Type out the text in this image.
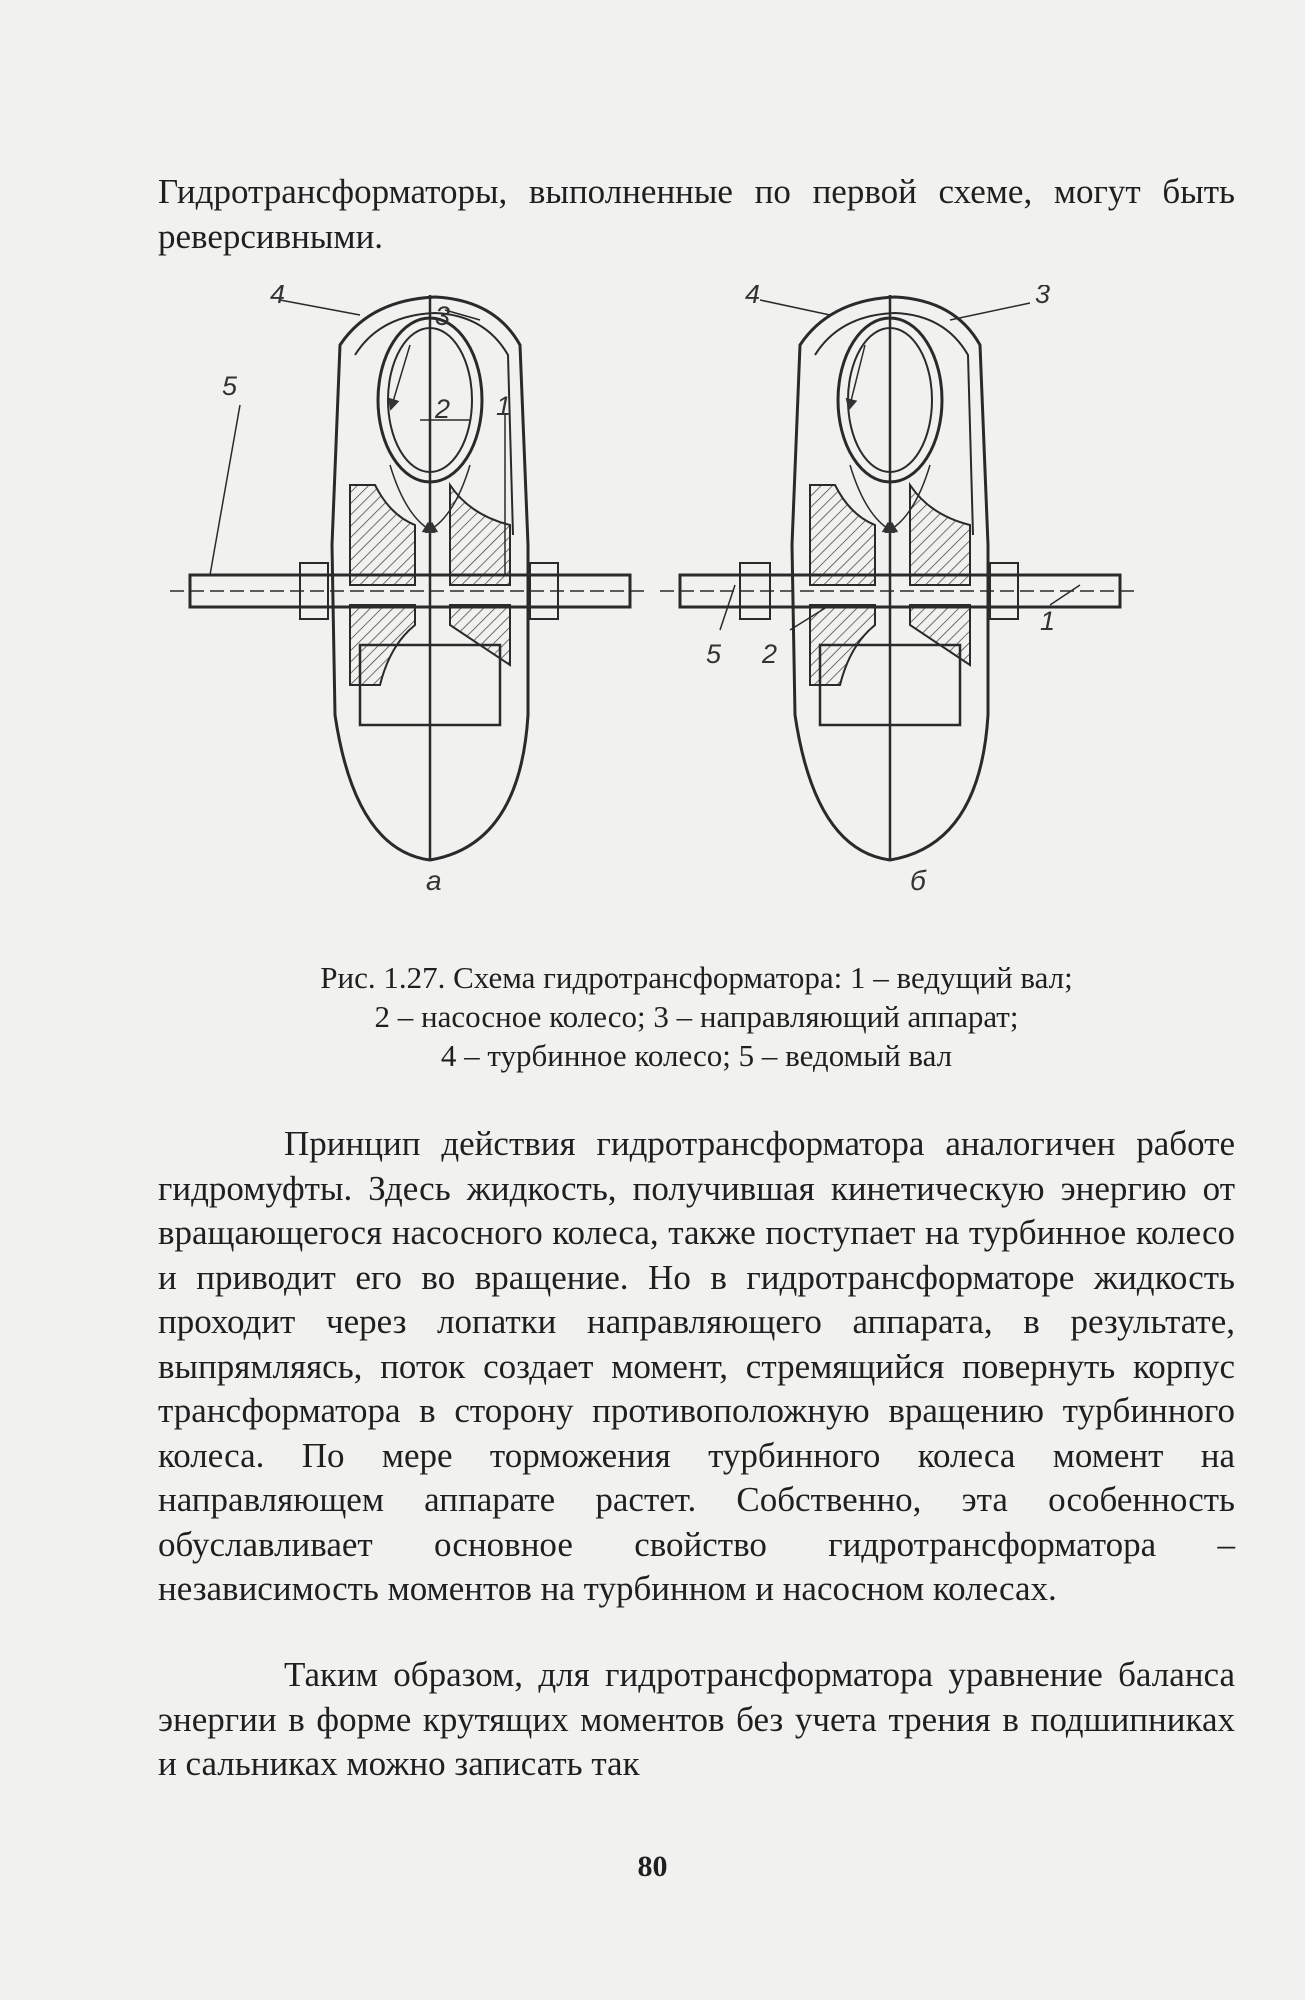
Гидротрансформаторы, выполненные по первой схеме, могут быть реверсивными.

4
3
2 1
5
а
4	3
5 2
1
б
Рис. 1.27. Схема гидротрансформатора: 1 – ведущий вал;
2 – насосное колесо; 3 – направляющий аппарат;
4 – турбинное колесо; 5 – ведомый вал

Принцип действия гидротрансформатора аналогичен работе гидромуфты. Здесь жидкость, получившая кинетическую энергию от вращающегося насосного колеса, также поступает на турбинное колесо и приводит его во вращение. Но в гидротрансформаторе жидкость проходит через лопатки направляющего аппарата, в результате, выпрямляясь, поток создает момент, стремящийся повернуть корпус трансформатора в сторону противоположную вращению турбинного колеса. По мере торможения турбинного колеса момент на направляющем аппарате растет. Собственно, эта особенность обуславливает основное свойство гидротрансформатора – независимость моментов на турбинном и насосном колесах.

Таким образом, для гидротрансформатора уравнение баланса энергии в форме крутящих моментов без учета трения в подшипниках и сальниках можно записать так

80
